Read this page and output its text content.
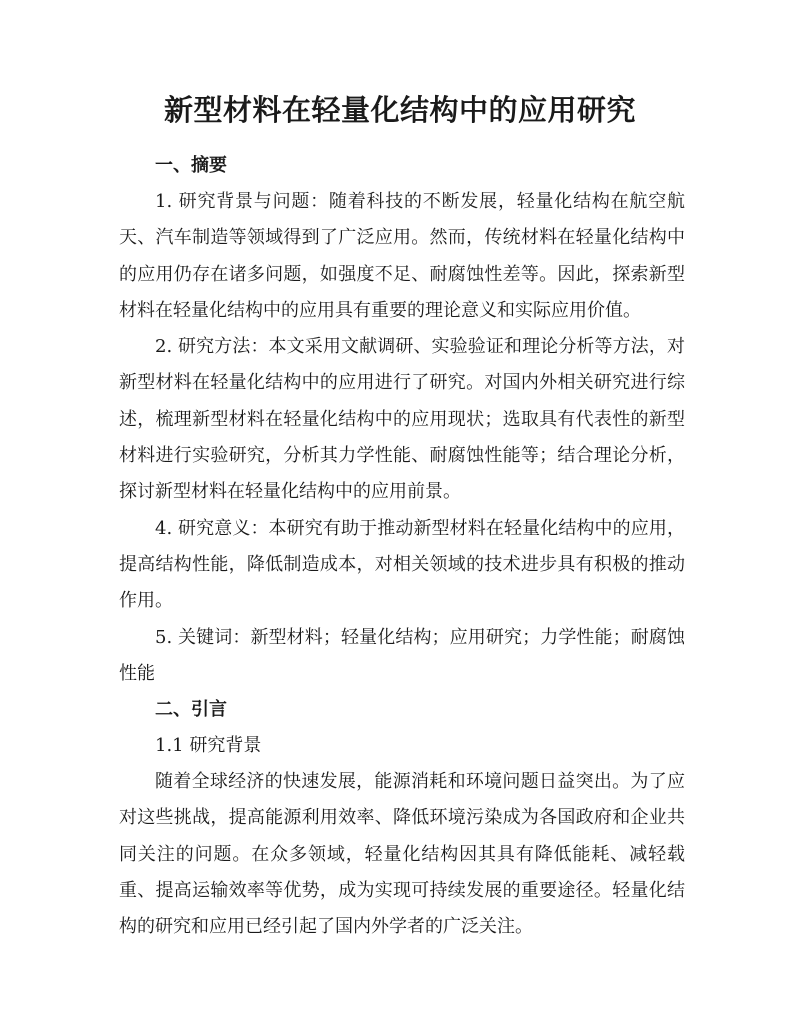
新型材料在轻量化结构中的应用研究

一、摘要

1. 研究背景与问题：随着科技的不断发展，轻量化结构在航空航天、汽车制造等领域得到了广泛应用。然而，传统材料在轻量化结构中的应用仍存在诸多问题，如强度不足、耐腐蚀性差等。因此，探索新型材料在轻量化结构中的应用具有重要的理论意义和实际应用价值。

2. 研究方法：本文采用文献调研、实验验证和理论分析等方法，对新型材料在轻量化结构中的应用进行了研究。对国内外相关研究进行综述，梳理新型材料在轻量化结构中的应用现状；选取具有代表性的新型材料进行实验研究，分析其力学性能、耐腐蚀性能等；结合理论分析，探讨新型材料在轻量化结构中的应用前景。

4. 研究意义：本研究有助于推动新型材料在轻量化结构中的应用，提高结构性能，降低制造成本，对相关领域的技术进步具有积极的推动作用。

5. 关键词：新型材料；轻量化结构；应用研究；力学性能；耐腐蚀性能

二、引言

1.1 研究背景

随着全球经济的快速发展，能源消耗和环境问题日益突出。为了应对这些挑战，提高能源利用效率、降低环境污染成为各国政府和企业共同关注的问题。在众多领域，轻量化结构因其具有降低能耗、减轻载重、提高运输效率等优势，成为实现可持续发展的重要途径。轻量化结构的研究和应用已经引起了国内外学者的广泛关注。
